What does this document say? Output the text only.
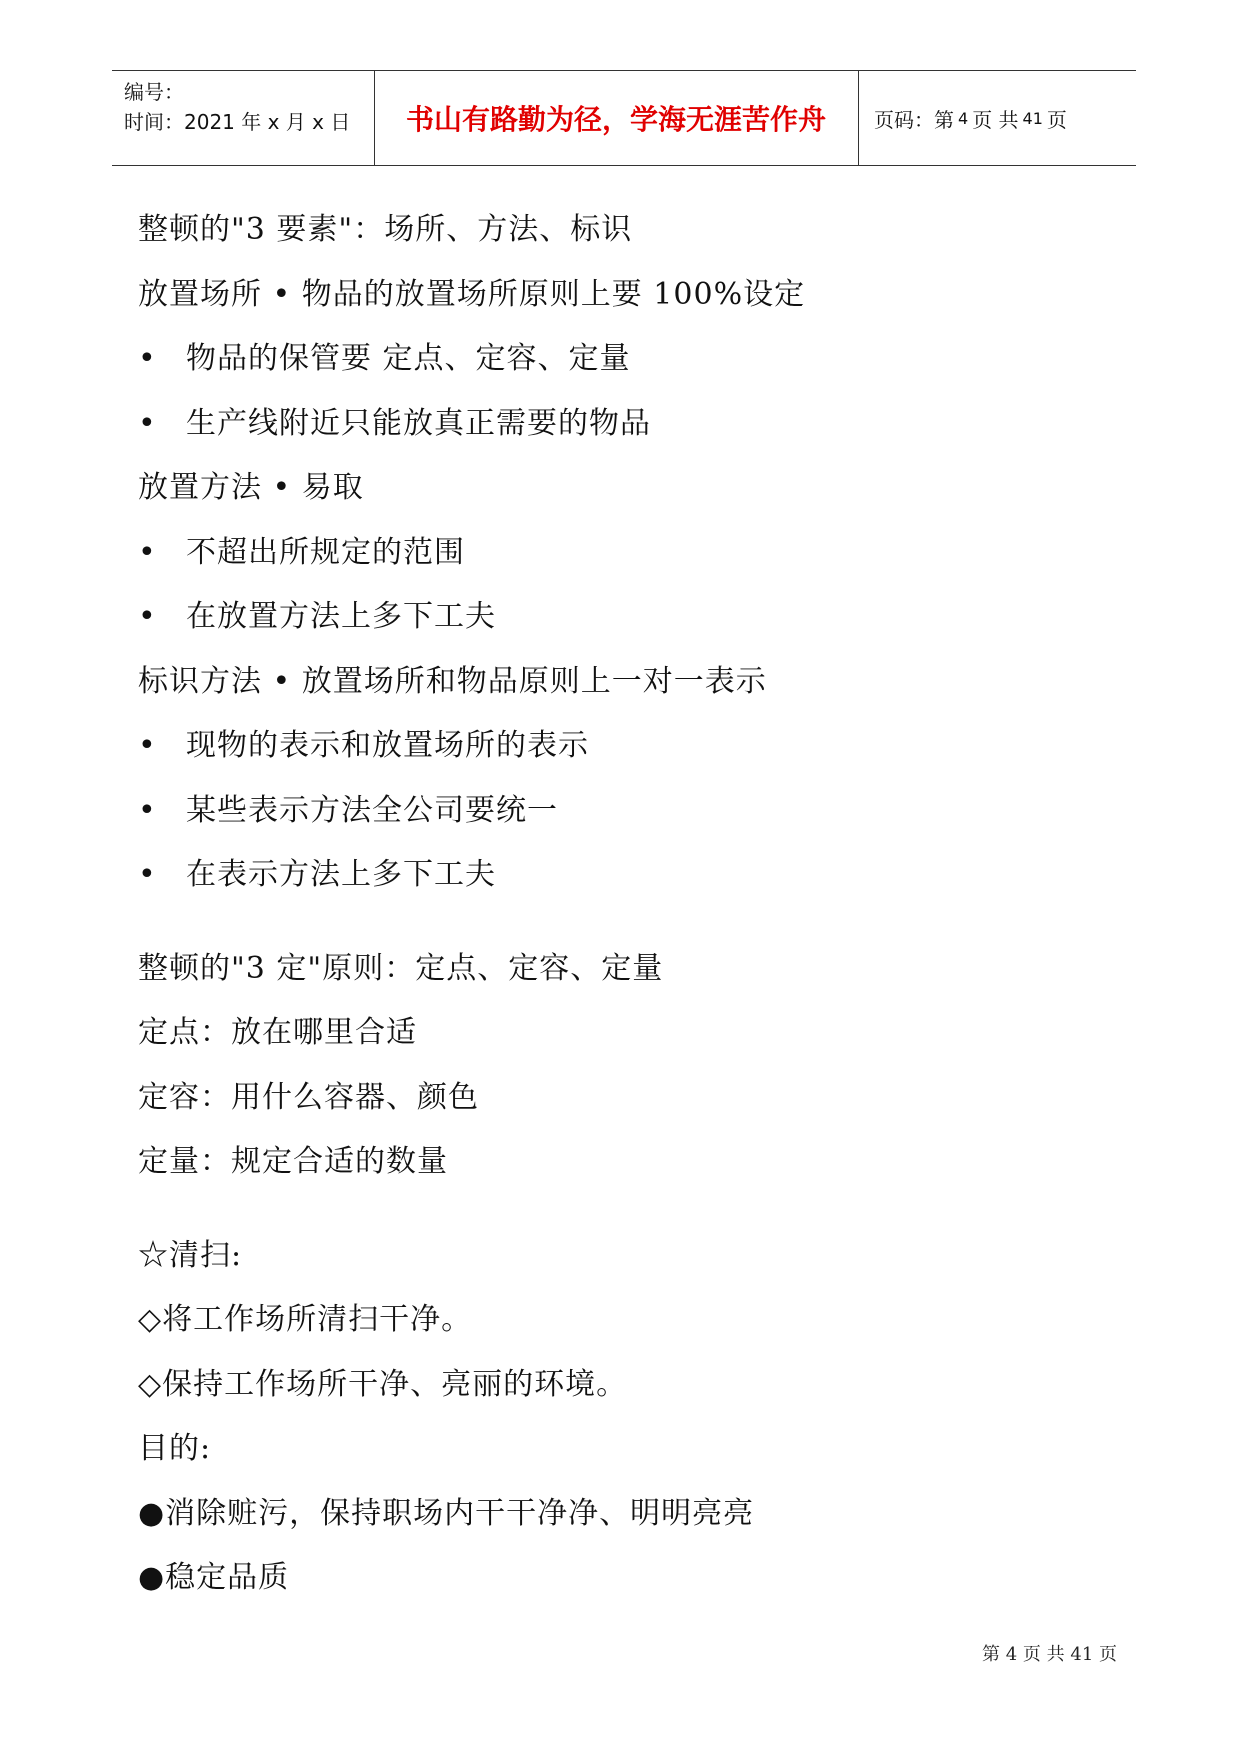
编号：
时间：2021 年 x 月 x 日	书山有路勤为径，学海无涯苦作舟	页码：第 4 页 共 41 页
整顿的"3 要素"：场所、方法、标识
放置场所 • 物品的放置场所原则上要 100%设定
• 物品的保管要 定点、定容、定量
• 生产线附近只能放真正需要的物品
放置方法 • 易取
• 不超出所规定的范围
• 在放置方法上多下工夫
标识方法 • 放置场所和物品原则上一对一表示
• 现物的表示和放置场所的表示
• 某些表示方法全公司要统一
• 在表示方法上多下工夫
整顿的"3 定"原则：定点、定容、定量
定点：放在哪里合适
定容：用什么容器、颜色
定量：规定合适的数量
☆清扫:
◇将工作场所清扫干净。
◇保持工作场所干净、亮丽的环境。
目的:
●消除赃污，保持职场内干干净净、明明亮亮
●稳定品质
第 4 页 共 41 页
